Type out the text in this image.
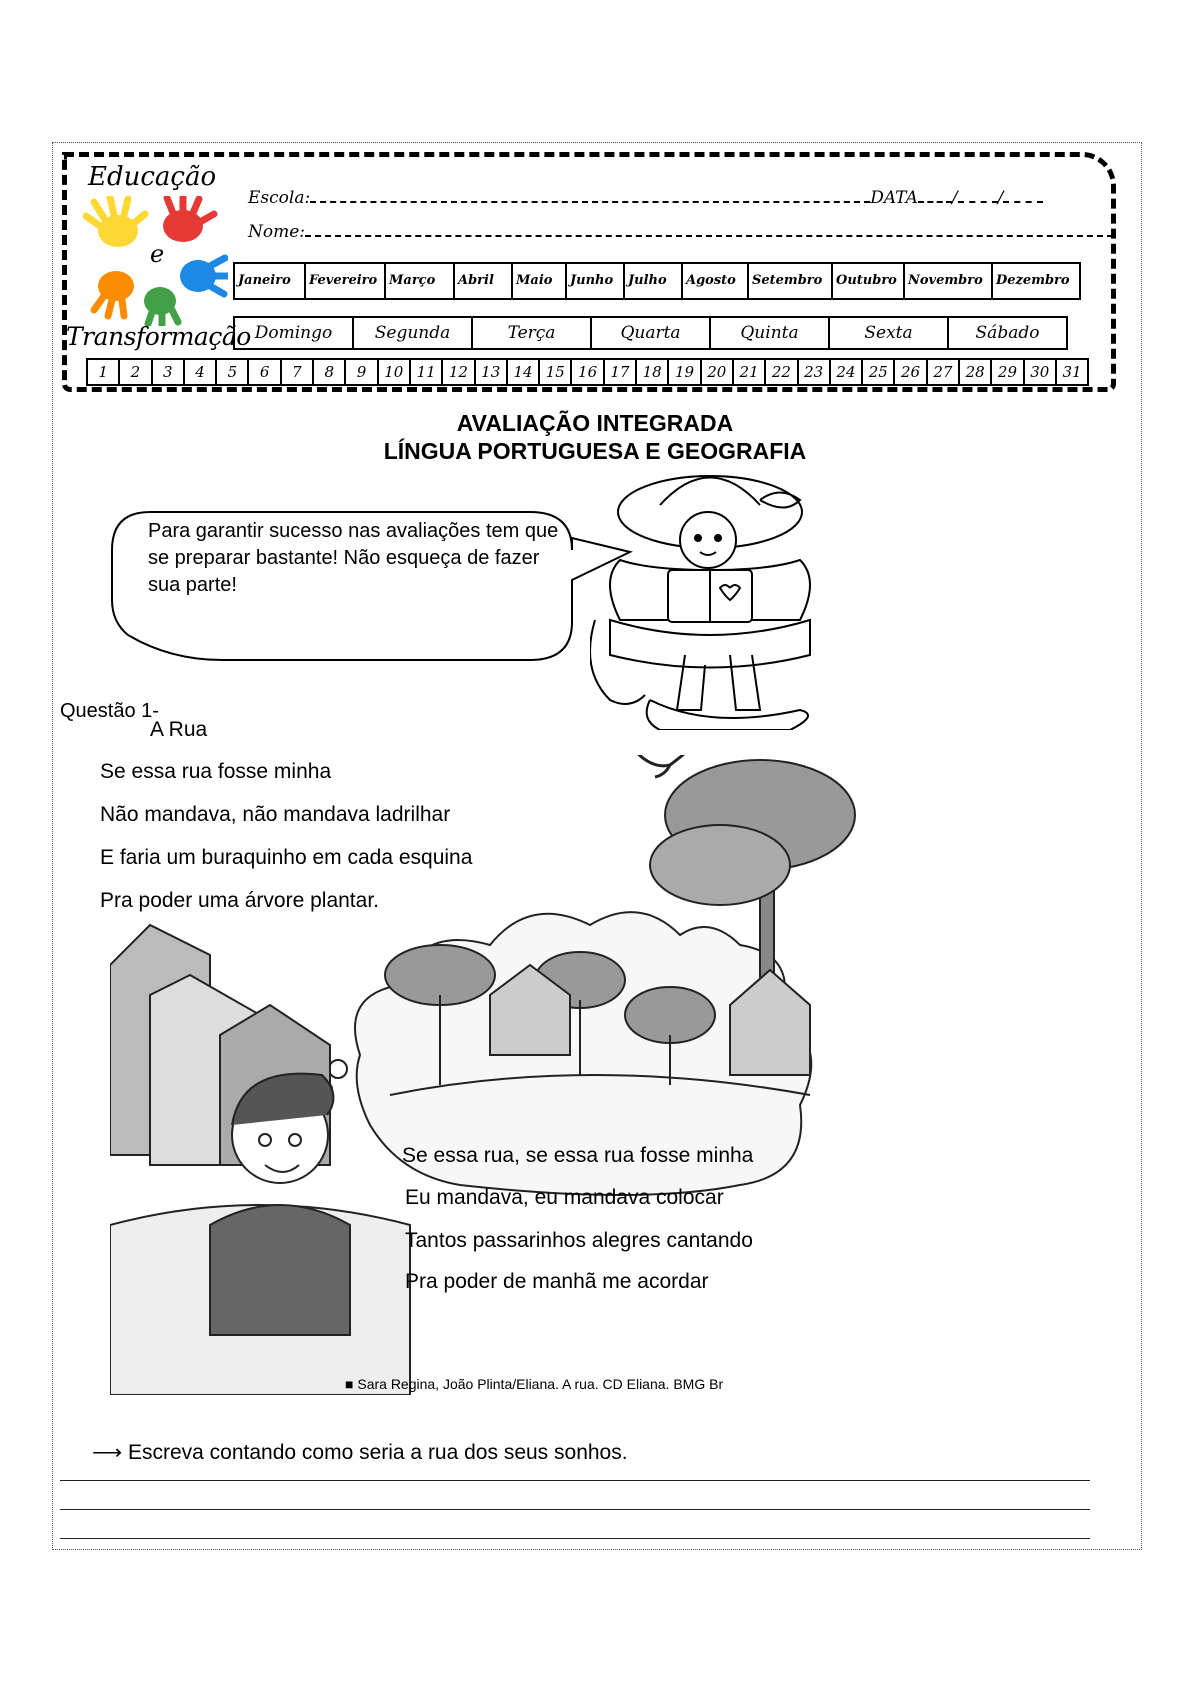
Educação
e
Transformação
Escola:	DATA / /
Nome:
Janeiro	Fevereiro Março	Abril	Maio	Junho	Julho	Agosto	Setembro	Outubro Novembro	Dezembro
Domingo	Segunda	Terça	Quarta	Quinta	Sexta	Sábado
1	2	3	4	5	6	7	8	9	10 11 12 13 14 15 16 17 18 19 20 21 22 23 24 25 26 27 28 29 30 31
AVALIAÇÃO INTEGRADA
LÍNGUA PORTUGUESA E GEOGRAFIA
Para garantir sucesso nas avaliações tem que se preparar bastante! Não esqueça de fazer sua parte!
Questão 1-
A Rua
Se essa rua fosse minha
Não mandava, não mandava ladrilhar
E faria um buraquinho em cada esquina
Pra poder uma árvore plantar.
Se essa rua, se essa rua fosse minha
Eu mandava, eu mandava colocar
Tantos passarinhos alegres cantando
Pra poder de manhã me acordar
■ Sara Regina, João Plinta/Eliana. A rua. CD Eliana. BMG Br
⟶ Escreva contando como seria a rua dos seus sonhos.
